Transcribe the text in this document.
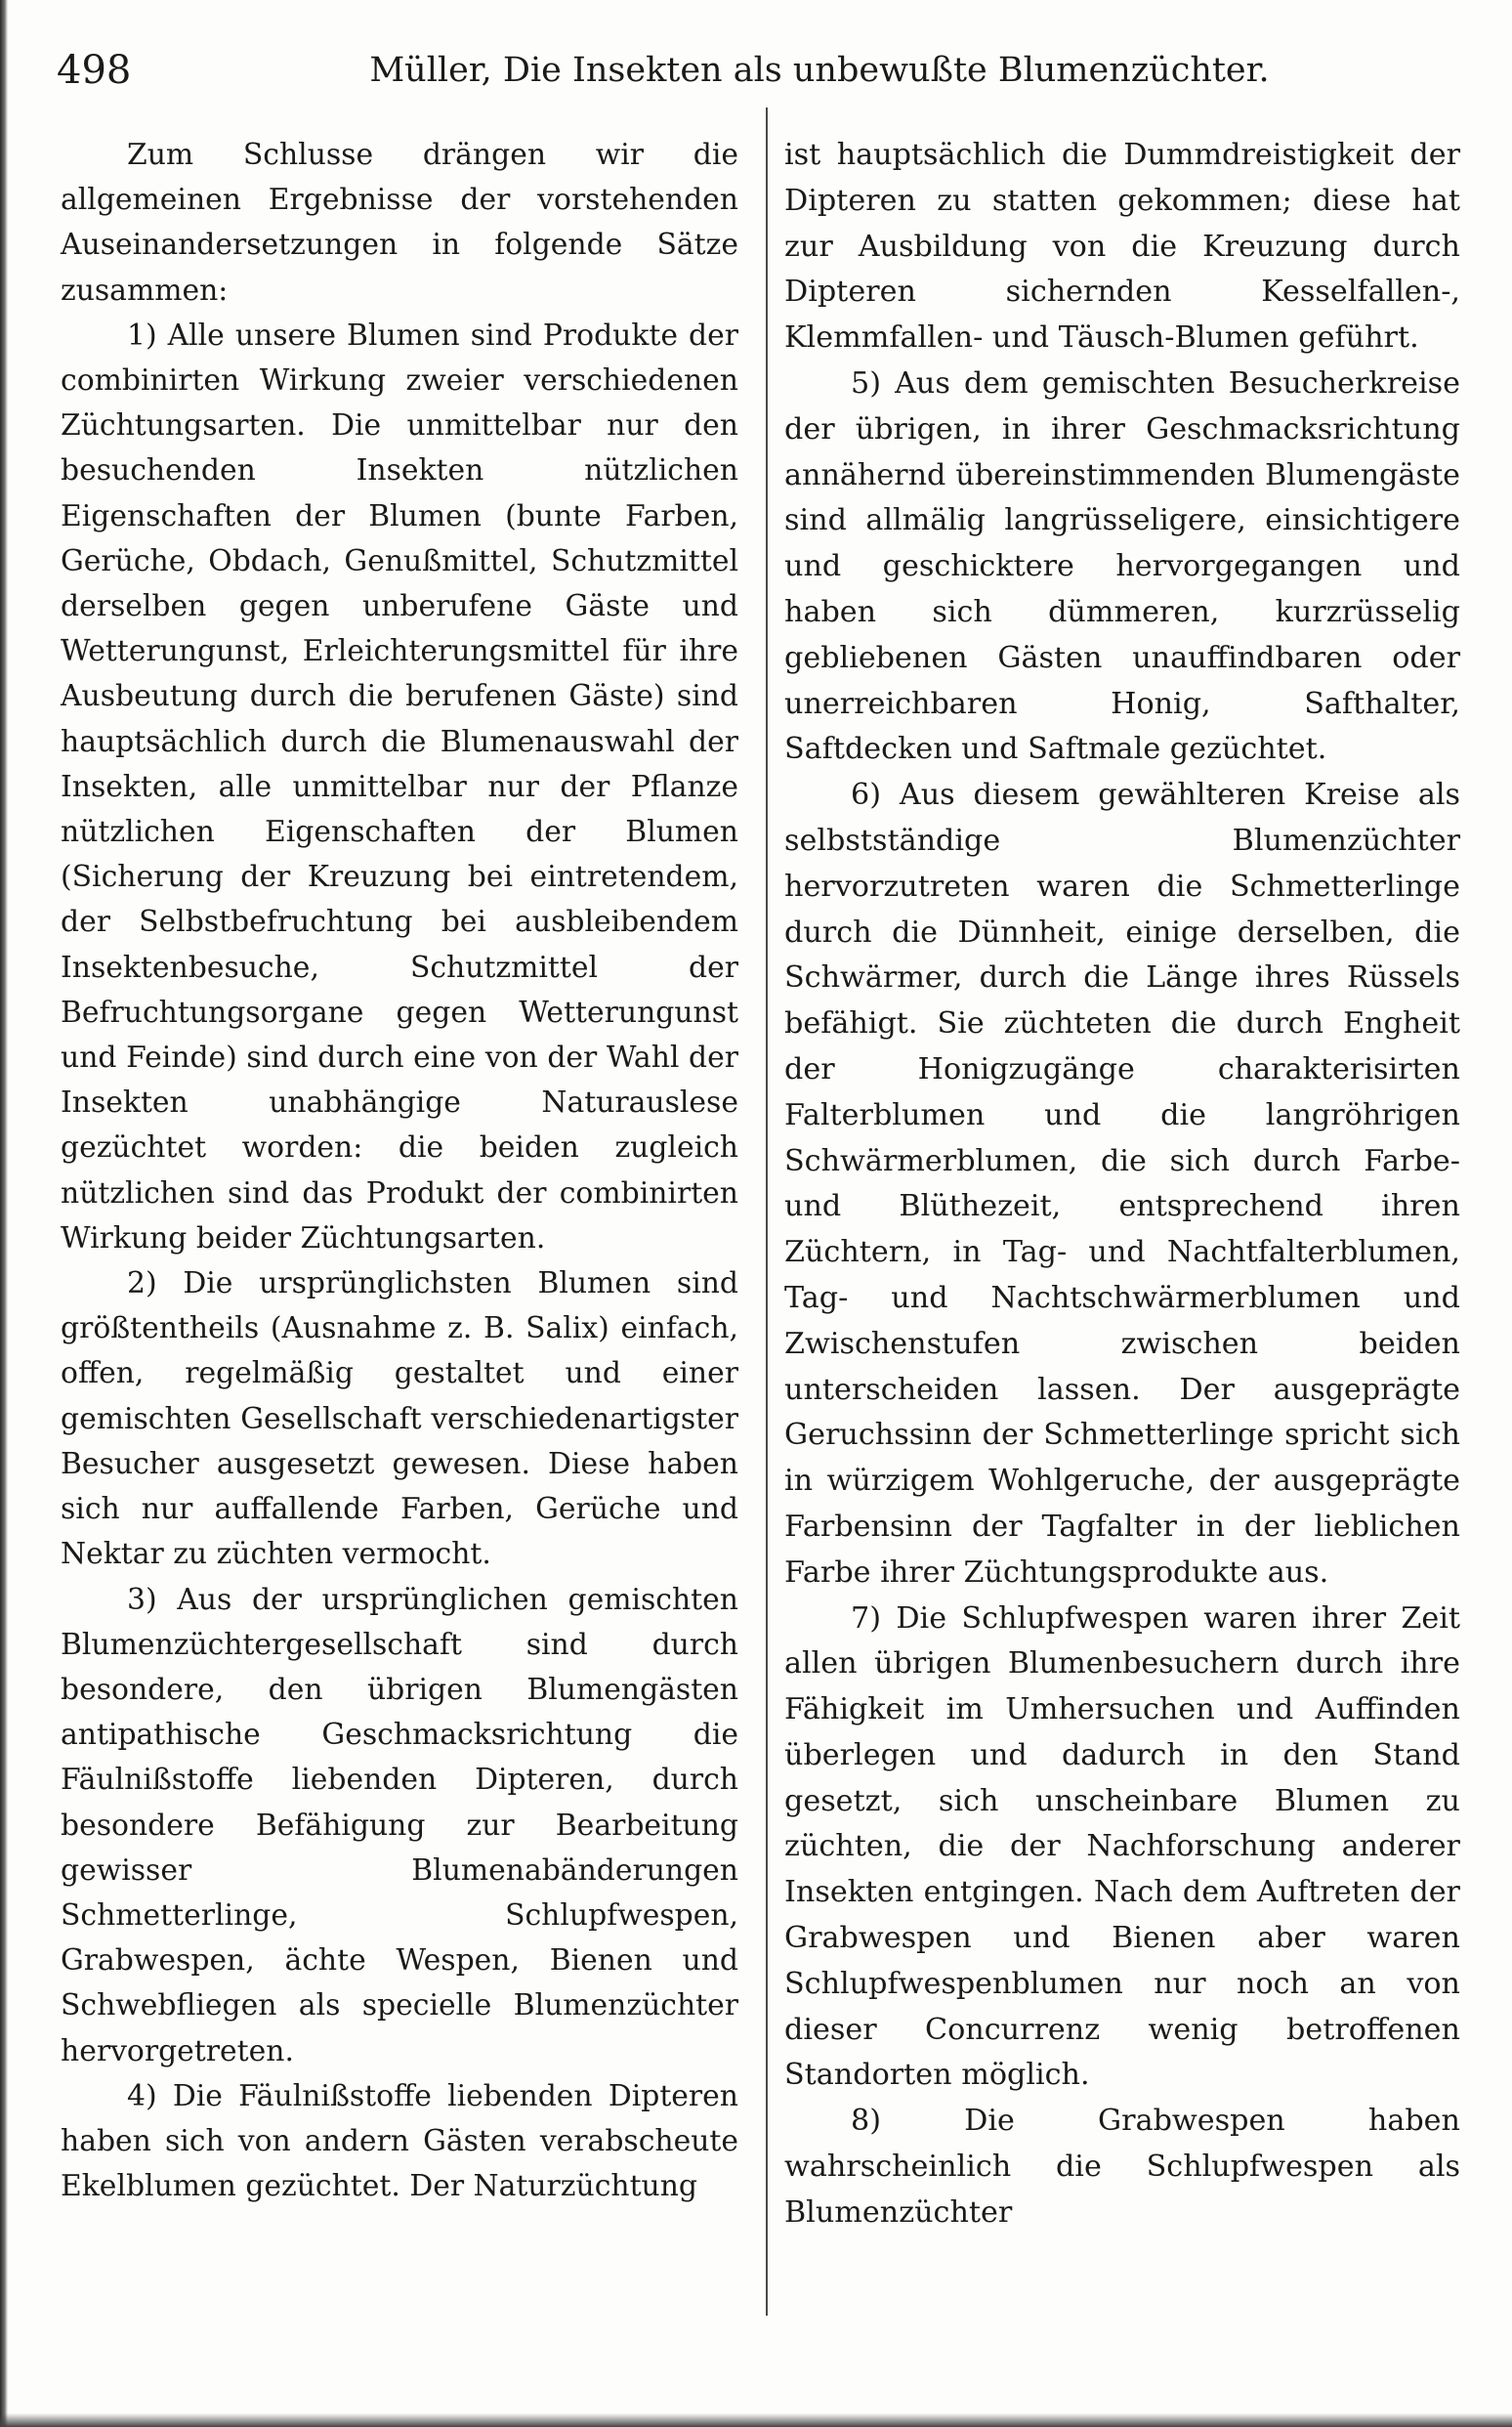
498	Müller, Die Insekten als unbewußte Blumenzüchter.

Zum Schlusse drängen wir die allgemeinen Ergebnisse der vorstehenden Auseinandersetzungen in folgende Sätze zusammen:

1) Alle unsere Blumen sind Produkte der combinirten Wirkung zweier verschiedenen Züchtungsarten. Die unmittelbar nur den besuchenden Insekten nützlichen Eigenschaften der Blumen (bunte Farben, Gerüche, Obdach, Genußmittel, Schutzmittel derselben gegen unberufene Gäste und Wetterungunst, Erleichterungsmittel für ihre Ausbeutung durch die berufenen Gäste) sind hauptsächlich durch die Blumenauswahl der Insekten, alle unmittelbar nur der Pflanze nützlichen Eigenschaften der Blumen (Sicherung der Kreuzung bei eintretendem, der Selbstbefruchtung bei ausbleibendem Insektenbesuche, Schutzmittel der Befruchtungsorgane gegen Wetterungunst und Feinde) sind durch eine von der Wahl der Insekten unabhängige Naturauslese gezüchtet worden: die beiden zugleich nützlichen sind das Produkt der combinirten Wirkung beider Züchtungsarten.

2) Die ursprünglichsten Blumen sind größtentheils (Ausnahme z. B. Salix) einfach, offen, regelmäßig gestaltet und einer gemischten Gesellschaft verschiedenartigster Besucher ausgesetzt gewesen. Diese haben sich nur auffallende Farben, Gerüche und Nektar zu züchten vermocht.

3) Aus der ursprünglichen gemischten Blumenzüchtergesellschaft sind durch besondere, den übrigen Blumengästen antipathische Geschmacksrichtung die Fäulnißstoffe liebenden Dipteren, durch besondere Befähigung zur Bearbeitung gewisser Blumenabänderungen Schmetterlinge, Schlupfwespen, Grabwespen, ächte Wespen, Bienen und Schwebfliegen als specielle Blumenzüchter hervorgetreten.

4) Die Fäulnißstoffe liebenden Dipteren haben sich von andern Gästen verabscheute Ekelblumen gezüchtet. Der Naturzüchtung

ist hauptsächlich die Dummdreistigkeit der Dipteren zu statten gekommen; diese hat zur Ausbildung von die Kreuzung durch Dipteren sichernden Kesselfallen-, Klemmfallen- und Täusch-Blumen geführt.

5) Aus dem gemischten Besucherkreise der übrigen, in ihrer Geschmacksrichtung annähernd übereinstimmenden Blumengäste sind allmälig langrüsseligere, einsichtigere und geschicktere hervorgegangen und haben sich dümmeren, kurzrüsselig gebliebenen Gästen unauffindbaren oder unerreichbaren Honig, Safthalter, Saftdecken und Saftmale gezüchtet.

6) Aus diesem gewählteren Kreise als selbstständige Blumenzüchter hervorzutreten waren die Schmetterlinge durch die Dünnheit, einige derselben, die Schwärmer, durch die Länge ihres Rüssels befähigt. Sie züchteten die durch Engheit der Honigzugänge charakterisirten Falterblumen und die langröhrigen Schwärmerblumen, die sich durch Farbe- und Blüthezeit, entsprechend ihren Züchtern, in Tag- und Nachtfalterblumen, Tag- und Nachtschwärmerblumen und Zwischenstufen zwischen beiden unterscheiden lassen. Der ausgeprägte Geruchssinn der Schmetterlinge spricht sich in würzigem Wohlgeruche, der ausgeprägte Farbensinn der Tagfalter in der lieblichen Farbe ihrer Züchtungsprodukte aus.

7) Die Schlupfwespen waren ihrer Zeit allen übrigen Blumenbesuchern durch ihre Fähigkeit im Umhersuchen und Auffinden überlegen und dadurch in den Stand gesetzt, sich unscheinbare Blumen zu züchten, die der Nachforschung anderer Insekten entgingen. Nach dem Auftreten der Grabwespen und Bienen aber waren Schlupfwespenblumen nur noch an von dieser Concurrenz wenig betroffenen Standorten möglich.

8) Die Grabwespen haben wahrscheinlich die Schlupfwespen als Blumenzüchter
